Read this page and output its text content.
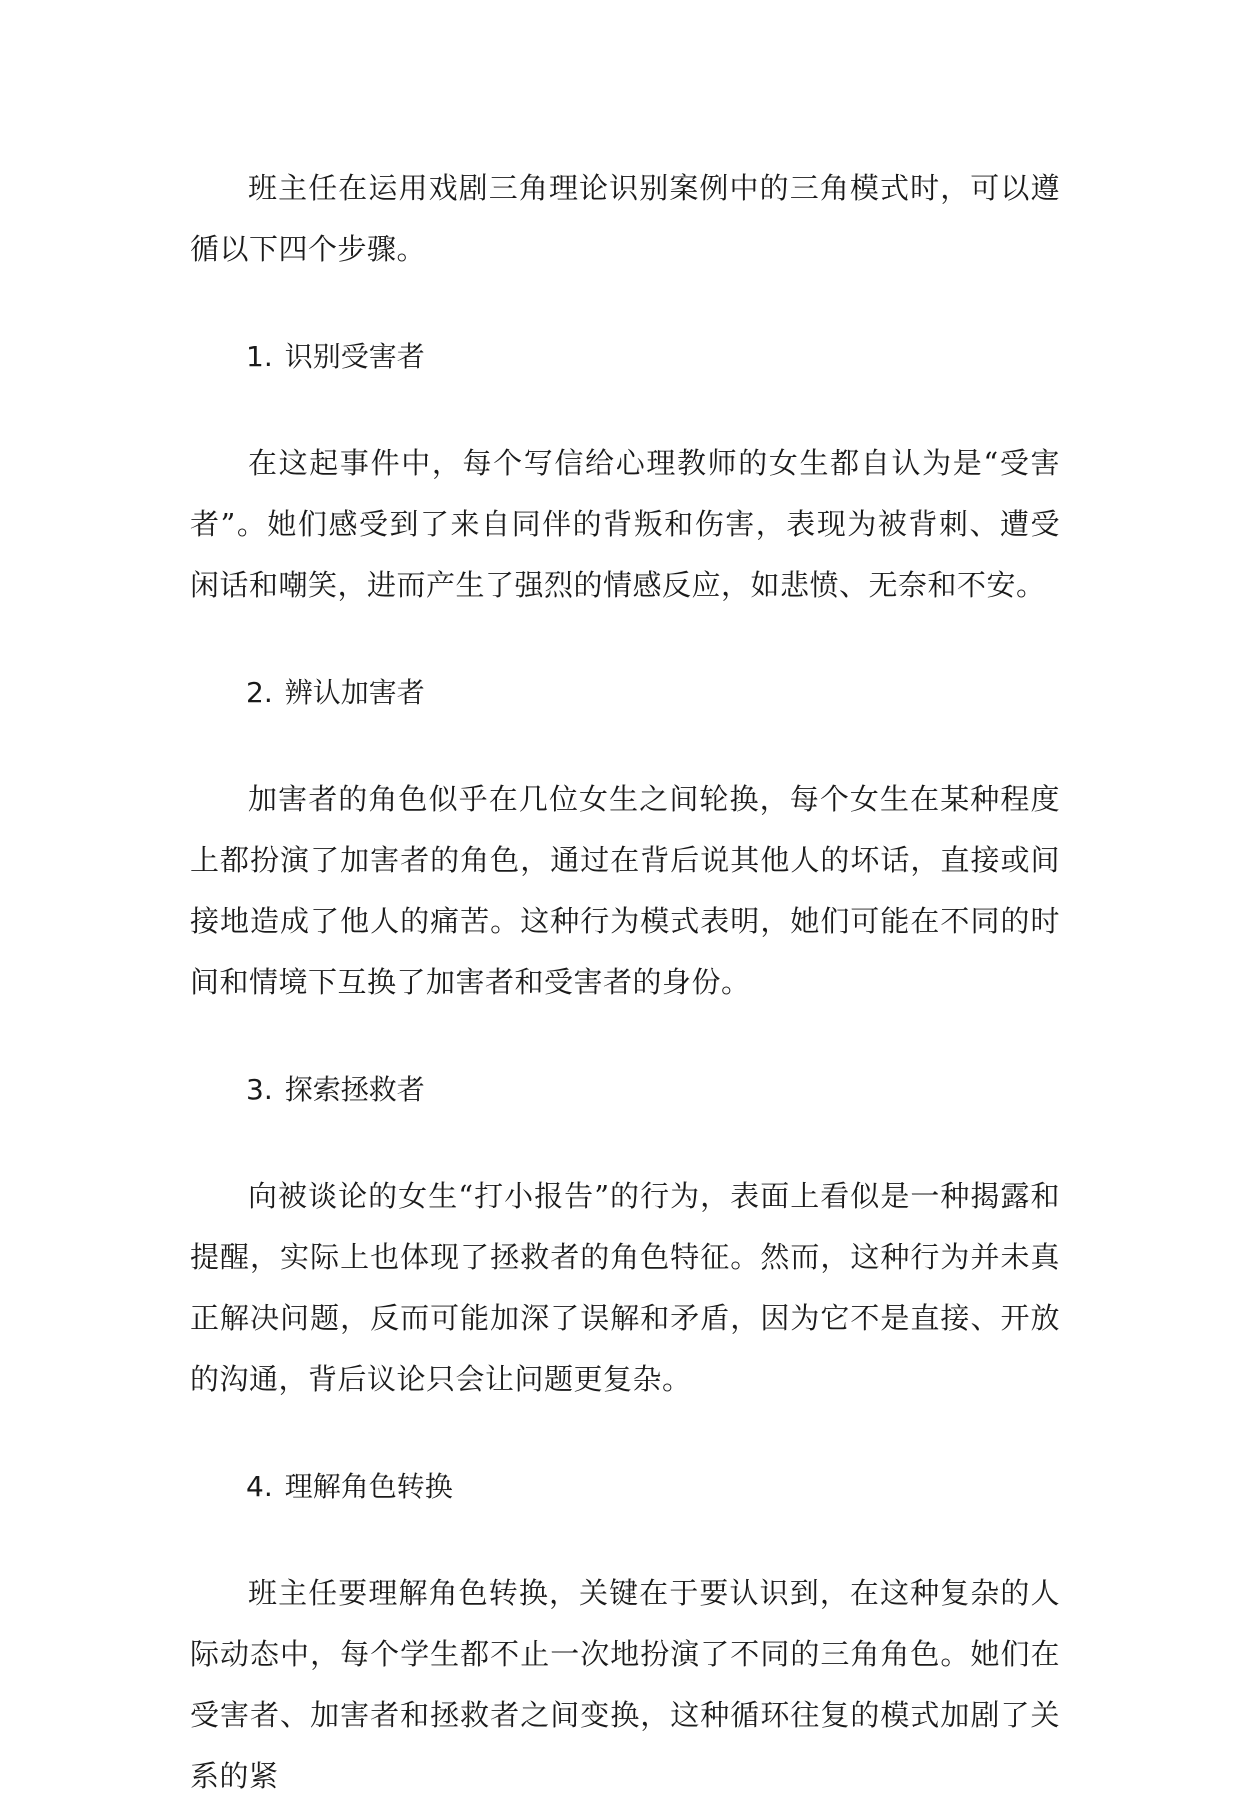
班主任在运用戏剧三角理论识别案例中的三角模式时，可以遵循以下四个步骤。

1. 识别受害者

在这起事件中，每个写信给心理教师的女生都自认为是“受害者”。她们感受到了来自同伴的背叛和伤害，表现为被背刺、遭受闲话和嘲笑，进而产生了强烈的情感反应，如悲愤、无奈和不安。

2. 辨认加害者

加害者的角色似乎在几位女生之间轮换，每个女生在某种程度上都扮演了加害者的角色，通过在背后说其他人的坏话，直接或间接地造成了他人的痛苦。这种行为模式表明，她们可能在不同的时间和情境下互换了加害者和受害者的身份。

3. 探索拯救者

向被谈论的女生“打小报告”的行为，表面上看似是一种揭露和提醒，实际上也体现了拯救者的角色特征。然而，这种行为并未真正解决问题，反而可能加深了误解和矛盾，因为它不是直接、开放的沟通，背后议论只会让问题更复杂。

4. 理解角色转换

班主任要理解角色转换，关键在于要认识到，在这种复杂的人际动态中，每个学生都不止一次地扮演了不同的三角角色。她们在受害者、加害者和拯救者之间变换，这种循环往复的模式加剧了关系的紧
